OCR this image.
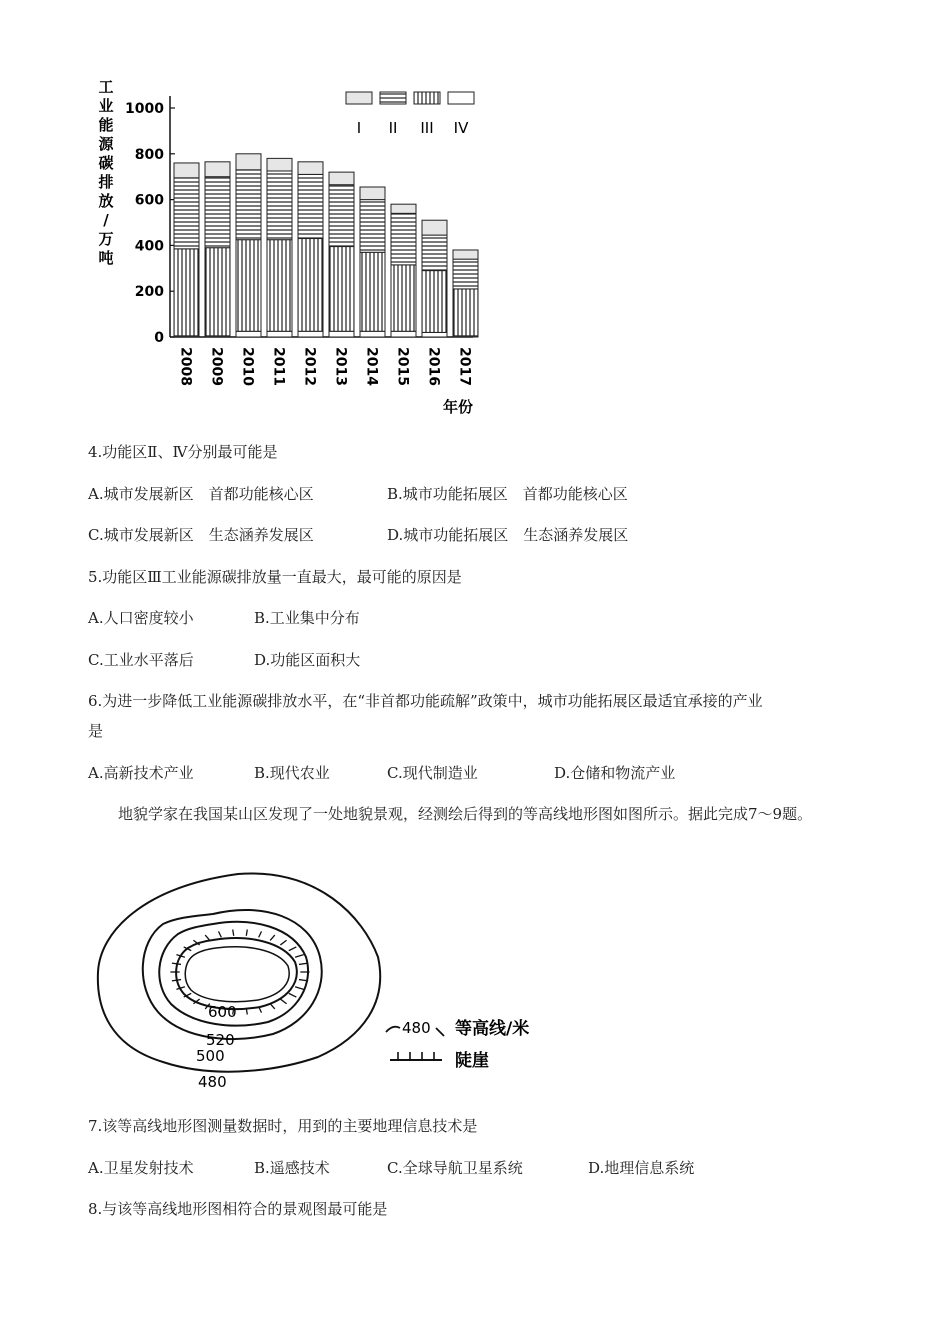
工
业
能
源
碳
排
放
/
万
吨
0
200
400
600
800
1000
2008 2009 2010 2011 2012 2013 2014 2015 2016 2017
I II III IV
年份
4.功能区Ⅱ、Ⅳ分别最可能是
A.城市发展新区　首都功能核心区	B.城市功能拓展区　首都功能核心区
C.城市发展新区　生态涵养发展区	D.城市功能拓展区　生态涵养发展区
5.功能区Ⅲ工业能源碳排放量一直最大，最可能的原因是
A.人口密度较小	B.工业集中分布
C.工业水平落后	D.功能区面积大
6.为进一步降低工业能源碳排放水平，在“非首都功能疏解”政策中，城市功能拓展区最适宜承接的产业
是
A.高新技术产业	B.现代农业	C.现代制造业	D.仓储和物流产业
地貌学家在我国某山区发现了一处地貌景观，经测绘后得到的等高线地形图如图所示。据此完成7～9题。
600
520
500
480
480 等高线/米
陡崖
7.该等高线地形图测量数据时，用到的主要地理信息技术是
A.卫星发射技术	B.遥感技术	C.全球导航卫星系统	D.地理信息系统
8.与该等高线地形图相符合的景观图最可能是
